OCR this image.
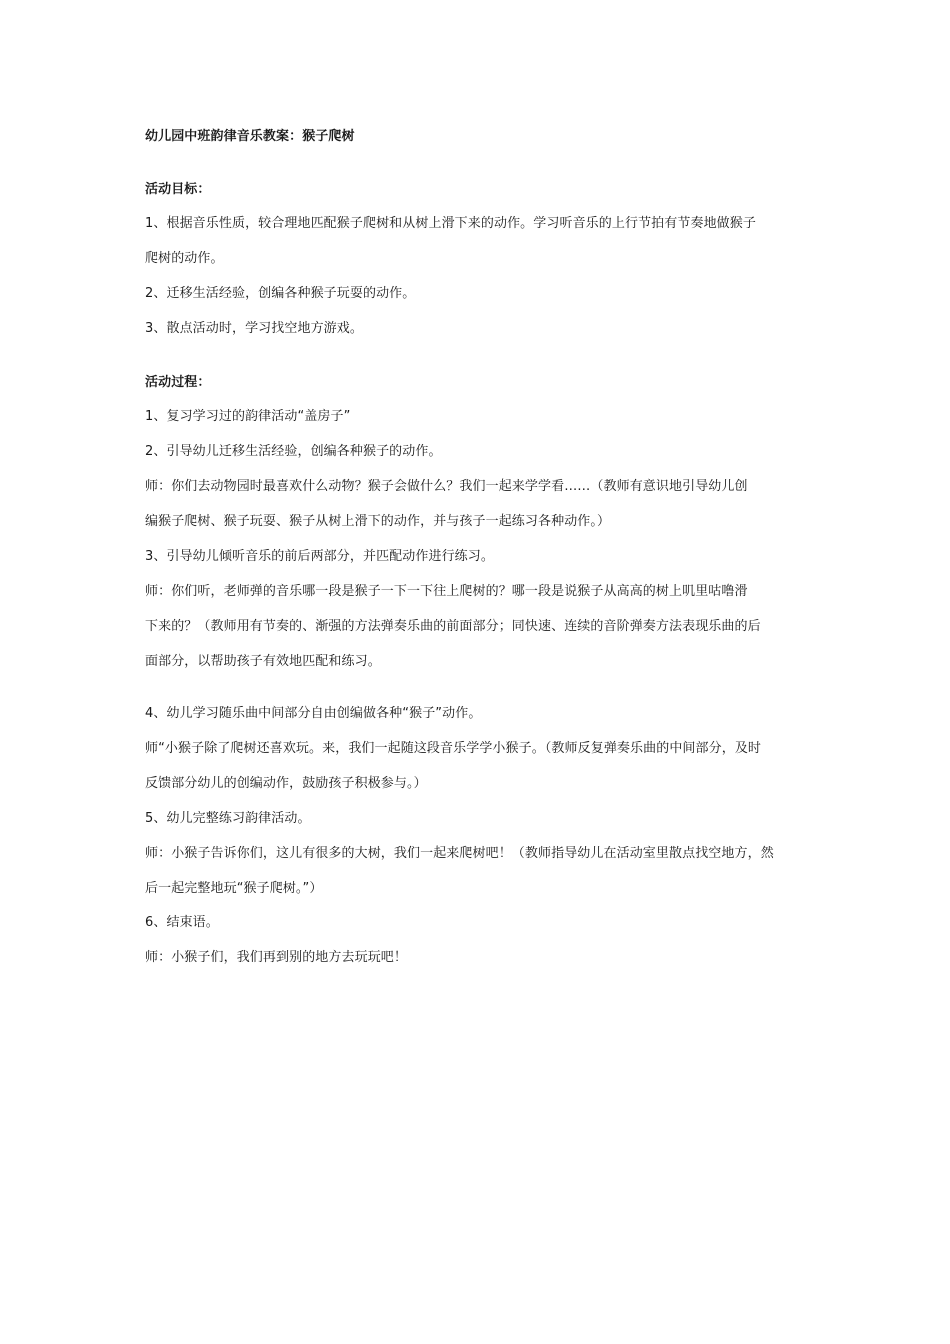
幼儿园中班韵律音乐教案：猴子爬树
活动目标：
1、根据音乐性质，较合理地匹配猴子爬树和从树上滑下来的动作。学习听音乐的上行节拍有节奏地做猴子
爬树的动作。
2、迁移生活经验，创编各种猴子玩耍的动作。
3、散点活动时，学习找空地方游戏。
活动过程：
1、复习学习过的韵律活动“盖房子”
2、引导幼儿迁移生活经验，创编各种猴子的动作。
师：你们去动物园时最喜欢什么动物？猴子会做什么？我们一起来学学看……（教师有意识地引导幼儿创
编猴子爬树、猴子玩耍、猴子从树上滑下的动作，并与孩子一起练习各种动作。）
3、引导幼儿倾听音乐的前后两部分，并匹配动作进行练习。
师：你们听，老师弹的音乐哪一段是猴子一下一下往上爬树的？哪一段是说猴子从高高的树上叽里咕噜滑
下来的？（教师用有节奏的、渐强的方法弹奏乐曲的前面部分；同快速、连续的音阶弹奏方法表现乐曲的后
面部分，以帮助孩子有效地匹配和练习。
4、幼儿学习随乐曲中间部分自由创编做各种“猴子”动作。
师“小猴子除了爬树还喜欢玩。来，我们一起随这段音乐学学小猴子。（教师反复弹奏乐曲的中间部分，及时
反馈部分幼儿的创编动作，鼓励孩子积极参与。）
5、幼儿完整练习韵律活动。
师：小猴子告诉你们，这儿有很多的大树，我们一起来爬树吧！（教师指导幼儿在活动室里散点找空地方，然
后一起完整地玩“猴子爬树。”）
6、结束语。
师：小猴子们，我们再到别的地方去玩玩吧！
